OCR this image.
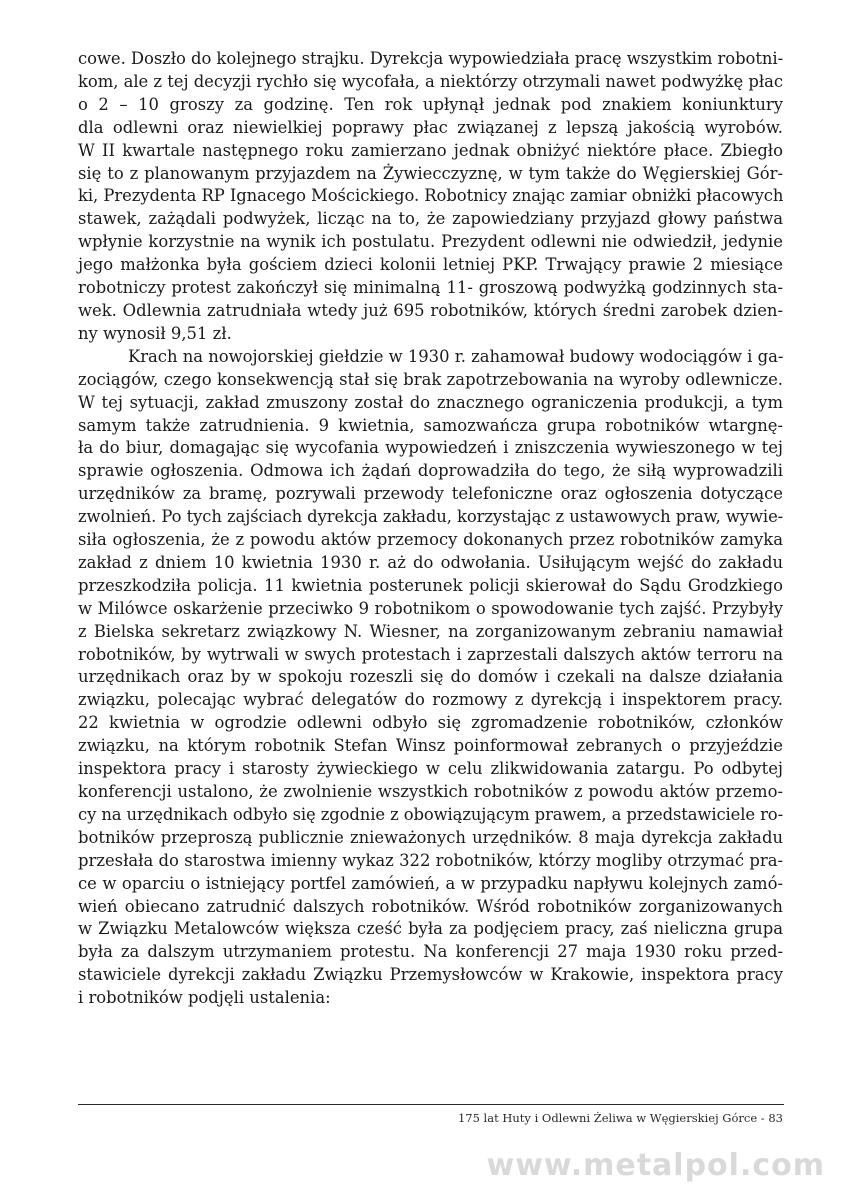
cowe. Doszło do kolejnego strajku. Dyrekcja wypowiedziała pracę wszystkim robotni-
kom, ale z tej decyzji rychło się wycofała, a niektórzy otrzymali nawet podwyżkę płac
o 2 – 10 groszy za godzinę. Ten rok upłynął jednak pod znakiem koniunktury
dla odlewni oraz niewielkiej poprawy płac związanej z lepszą jakością wyrobów.
W II kwartale następnego roku zamierzano jednak obniżyć niektóre płace. Zbiegło
się to z planowanym przyjazdem na Żywiecczyznę, w tym także do Węgierskiej Gór-
ki, Prezydenta RP Ignacego Mościckiego. Robotnicy znając zamiar obniżki płacowych
stawek, zażądali podwyżek, licząc na to, że zapowiedziany przyjazd głowy państwa
wpłynie korzystnie na wynik ich postulatu. Prezydent odlewni nie odwiedził, jedynie
jego małżonka była gościem dzieci kolonii letniej PKP. Trwający prawie 2 miesiące
robotniczy protest zakończył się minimalną 11- groszową podwyżką godzinnych sta-
wek. Odlewnia zatrudniała wtedy już 695 robotników, których średni zarobek dzien-
ny wynosił 9,51 zł.
Krach na nowojorskiej giełdzie w 1930 r. zahamował budowy wodociągów i ga-
zociągów, czego konsekwencją stał się brak zapotrzebowania na wyroby odlewnicze.
W tej sytuacji, zakład zmuszony został do znacznego ograniczenia produkcji, a tym
samym także zatrudnienia. 9 kwietnia, samozwańcza grupa robotników wtargnę-
ła do biur, domagając się wycofania wypowiedzeń i zniszczenia wywieszonego w tej
sprawie ogłoszenia. Odmowa ich żądań doprowadziła do tego, że siłą wyprowadzili
urzędników za bramę, pozrywali przewody telefoniczne oraz ogłoszenia dotyczące
zwolnień. Po tych zajściach dyrekcja zakładu, korzystając z ustawowych praw, wywie-
siła ogłoszenia, że z powodu aktów przemocy dokonanych przez robotników zamyka
zakład z dniem 10 kwietnia 1930 r. aż do odwołania. Usiłującym wejść do zakładu
przeszkodziła policja. 11 kwietnia posterunek policji skierował do Sądu Grodzkiego
w Milówce oskarżenie przeciwko 9 robotnikom o spowodowanie tych zajść. Przybyły
z Bielska sekretarz związkowy N. Wiesner, na zorganizowanym zebraniu namawiał
robotników, by wytrwali w swych protestach i zaprzestali dalszych aktów terroru na
urzędnikach oraz by w spokoju rozeszli się do domów i czekali na dalsze działania
związku, polecając wybrać delegatów do rozmowy z dyrekcją i inspektorem pracy.
22 kwietnia w ogrodzie odlewni odbyło się zgromadzenie robotników, członków
związku, na którym robotnik Stefan Winsz poinformował zebranych o przyjeździe
inspektora pracy i starosty żywieckiego w celu zlikwidowania zatargu. Po odbytej
konferencji ustalono, że zwolnienie wszystkich robotników z powodu aktów przemo-
cy na urzędnikach odbyło się zgodnie z obowiązującym prawem, a przedstawiciele ro-
botników przeproszą publicznie znieważonych urzędników. 8 maja dyrekcja zakładu
przesłała do starostwa imienny wykaz 322 robotników, którzy mogliby otrzymać pra-
ce w oparciu o istniejący portfel zamówień, a w przypadku napływu kolejnych zamó-
wień obiecano zatrudnić dalszych robotników. Wśród robotników zorganizowanych
w Związku Metalowców większa cześć była za podjęciem pracy, zaś nieliczna grupa
była za dalszym utrzymaniem protestu. Na konferencji 27 maja 1930 roku przed-
stawiciele dyrekcji zakładu Związku Przemysłowców w Krakowie, inspektora pracy
i robotników podjęli ustalenia:
175 lat Huty i Odlewni Żeliwa w Węgierskiej Górce - 83
www.metalpol.com
